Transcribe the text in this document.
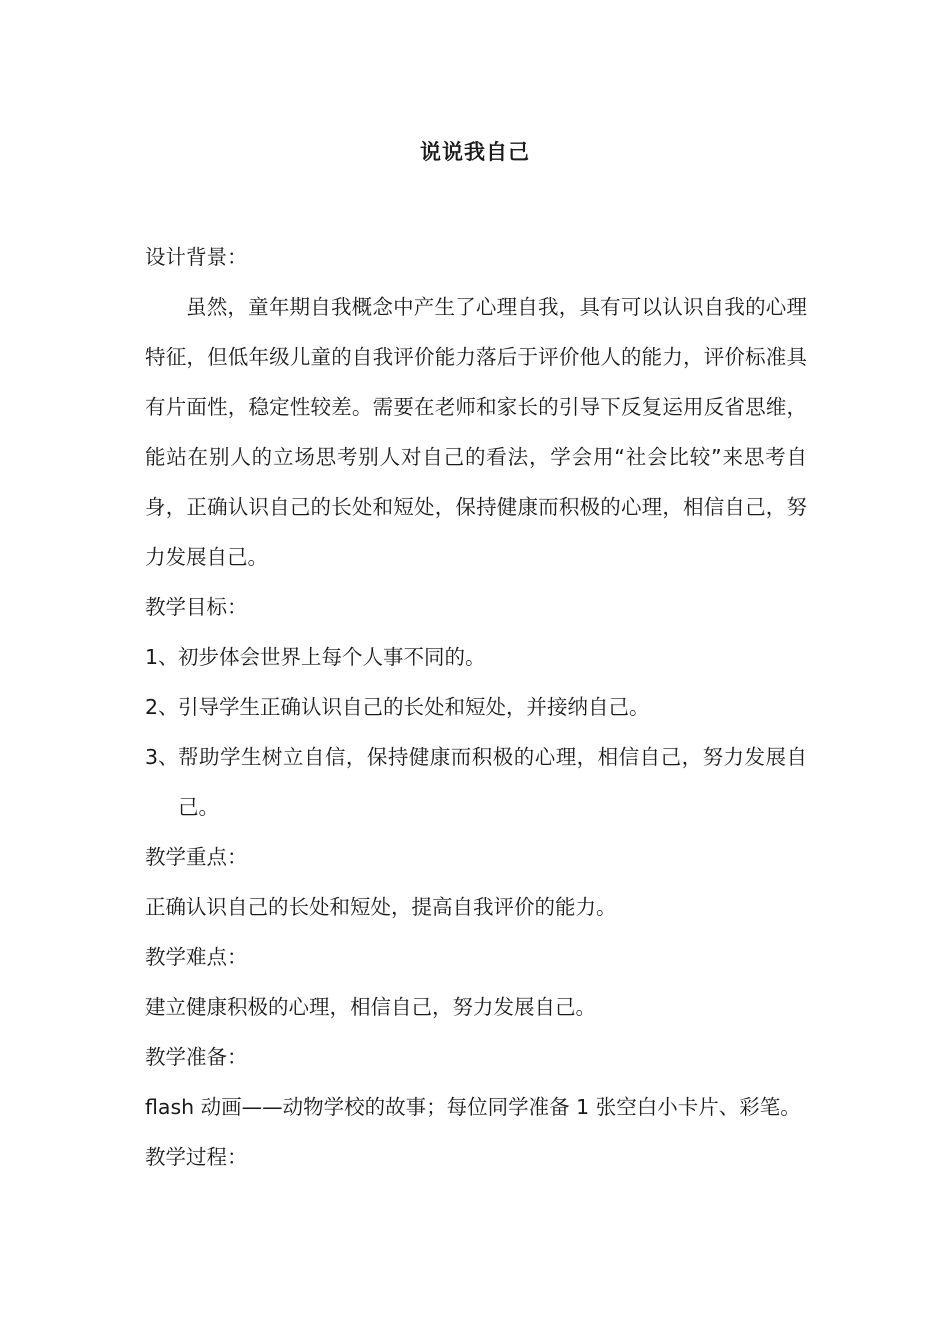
说说我自己

设计背景：

虽然，童年期自我概念中产生了心理自我，具有可以认识自我的心理特征，但低年级儿童的自我评价能力落后于评价他人的能力，评价标准具有片面性，稳定性较差。需要在老师和家长的引导下反复运用反省思维，能站在别人的立场思考别人对自己的看法，学会用“社会比较”来思考自身，正确认识自己的长处和短处，保持健康而积极的心理，相信自己，努力发展自己。

教学目标：

1、 初步体会世界上每个人事不同的。
2、 引导学生正确认识自己的长处和短处，并接纳自己。
3、 帮助学生树立自信，保持健康而积极的心理，相信自己，努力发展自己。

教学重点：

正确认识自己的长处和短处，提高自我评价的能力。

教学难点：

建立健康积极的心理，相信自己，努力发展自己。

教学准备：

flash 动画——动物学校的故事；每位同学准备 1 张空白小卡片、彩笔。

教学过程：
